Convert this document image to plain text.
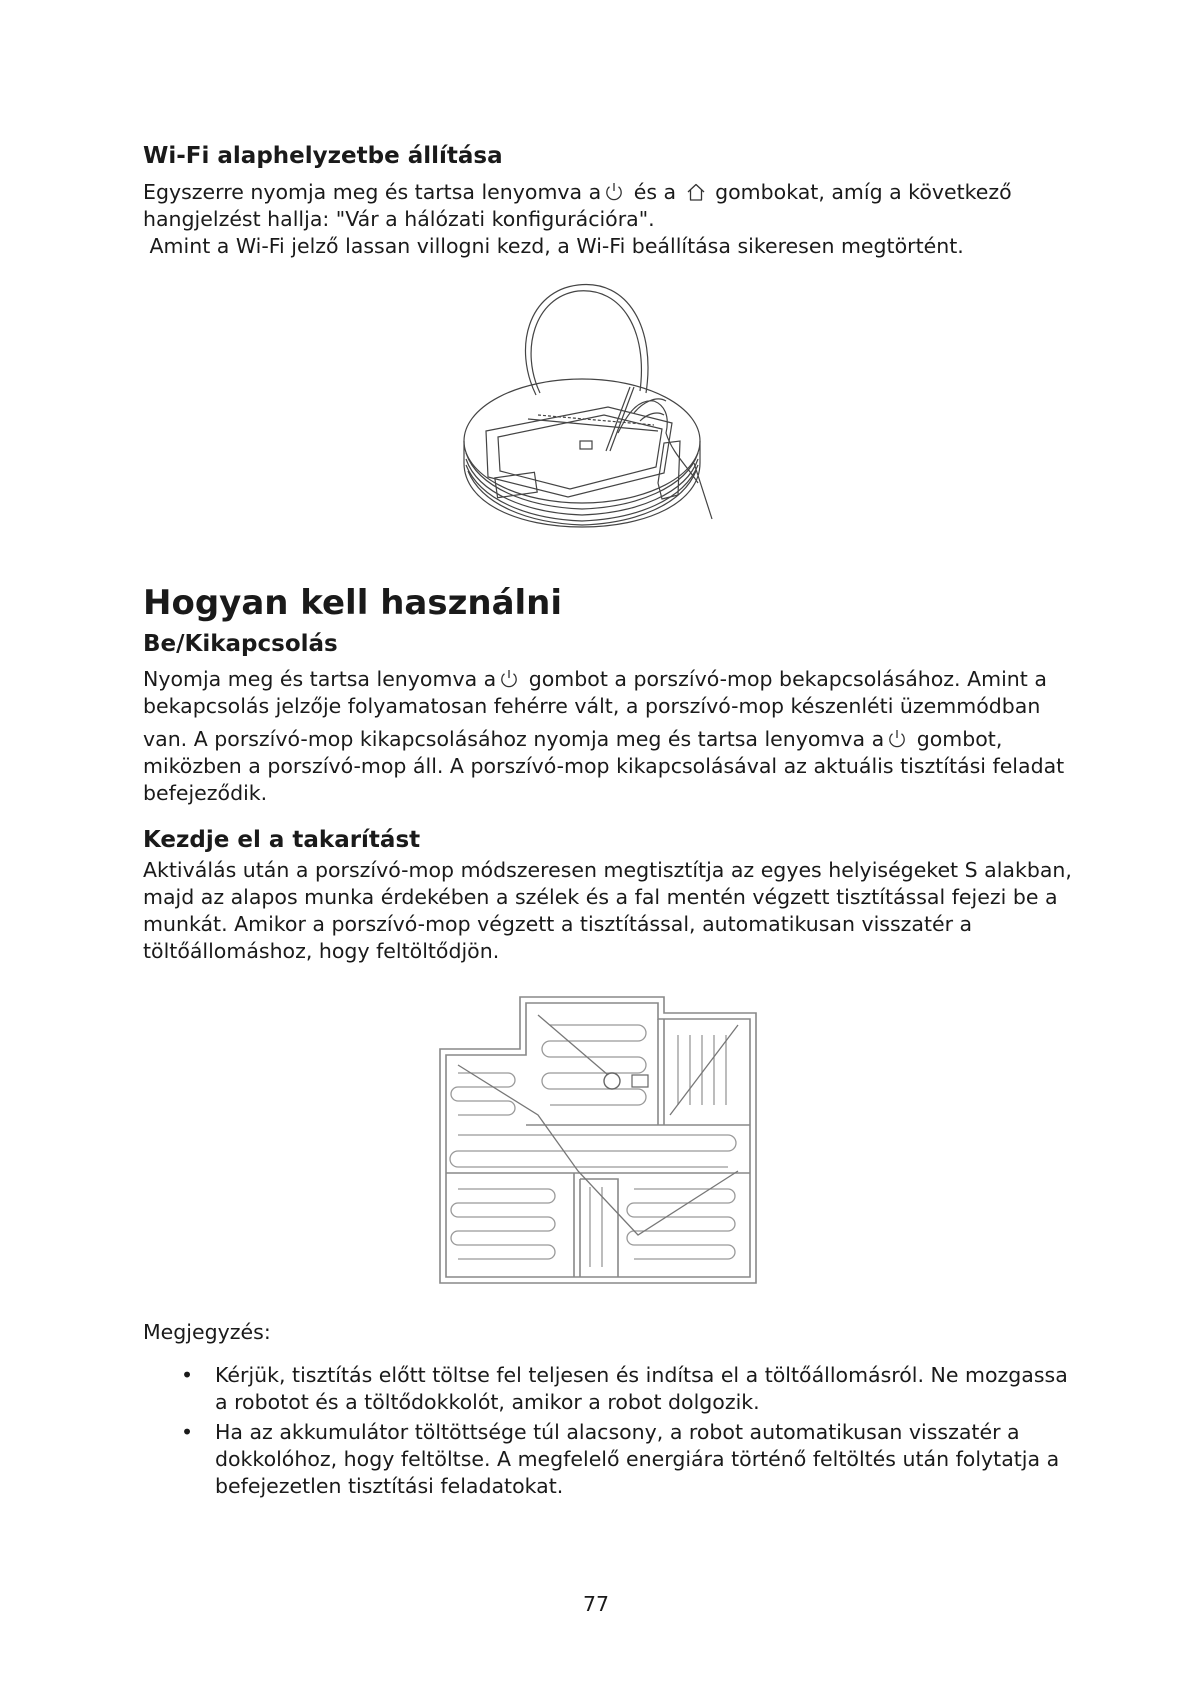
Wi-Fi alaphelyzetbe állítása
Egyszerre nyomja meg és tartsa lenyomva a
és a
gombokat, amíg a következő
hangjelzést hallja: "Vár a hálózati konfigurációra".
Amint a Wi-Fi jelző lassan villogni kezd, a Wi-Fi beállítása sikeresen megtörtént.
Hogyan kell használni
Be/Kikapcsolás
Nyomja meg és tartsa lenyomva a
gombot a porszívó-mop bekapcsolásához. Amint a
bekapcsolás jelzője folyamatosan fehérre vált, a porszívó-mop készenléti üzemmódban
van. A porszívó-mop kikapcsolásához nyomja meg és tartsa lenyomva a
gombot,
miközben a porszívó-mop áll. A porszívó-mop kikapcsolásával az aktuális tisztítási feladat
befejeződik.
Kezdje el a takarítást
Aktiválás után a porszívó-mop módszeresen megtisztítja az egyes helyiségeket S alakban,
majd az alapos munka érdekében a szélek és a fal mentén végzett tisztítással fejezi be a
munkát. Amikor a porszívó-mop végzett a tisztítással, automatikusan visszatér a
töltőállomáshoz, hogy feltöltődjön.
Megjegyzés:
• Kérjük, tisztítás előtt töltse fel teljesen és indítsa el a töltőállomásról. Ne mozgassa
a robotot és a töltődokkolót, amikor a robot dolgozik.
• Ha az akkumulátor töltöttsége túl alacsony, a robot automatikusan visszatér a
dokkolóhoz, hogy feltöltse. A megfelelő energiára történő feltöltés után folytatja a
befejezetlen tisztítási feladatokat.
77
